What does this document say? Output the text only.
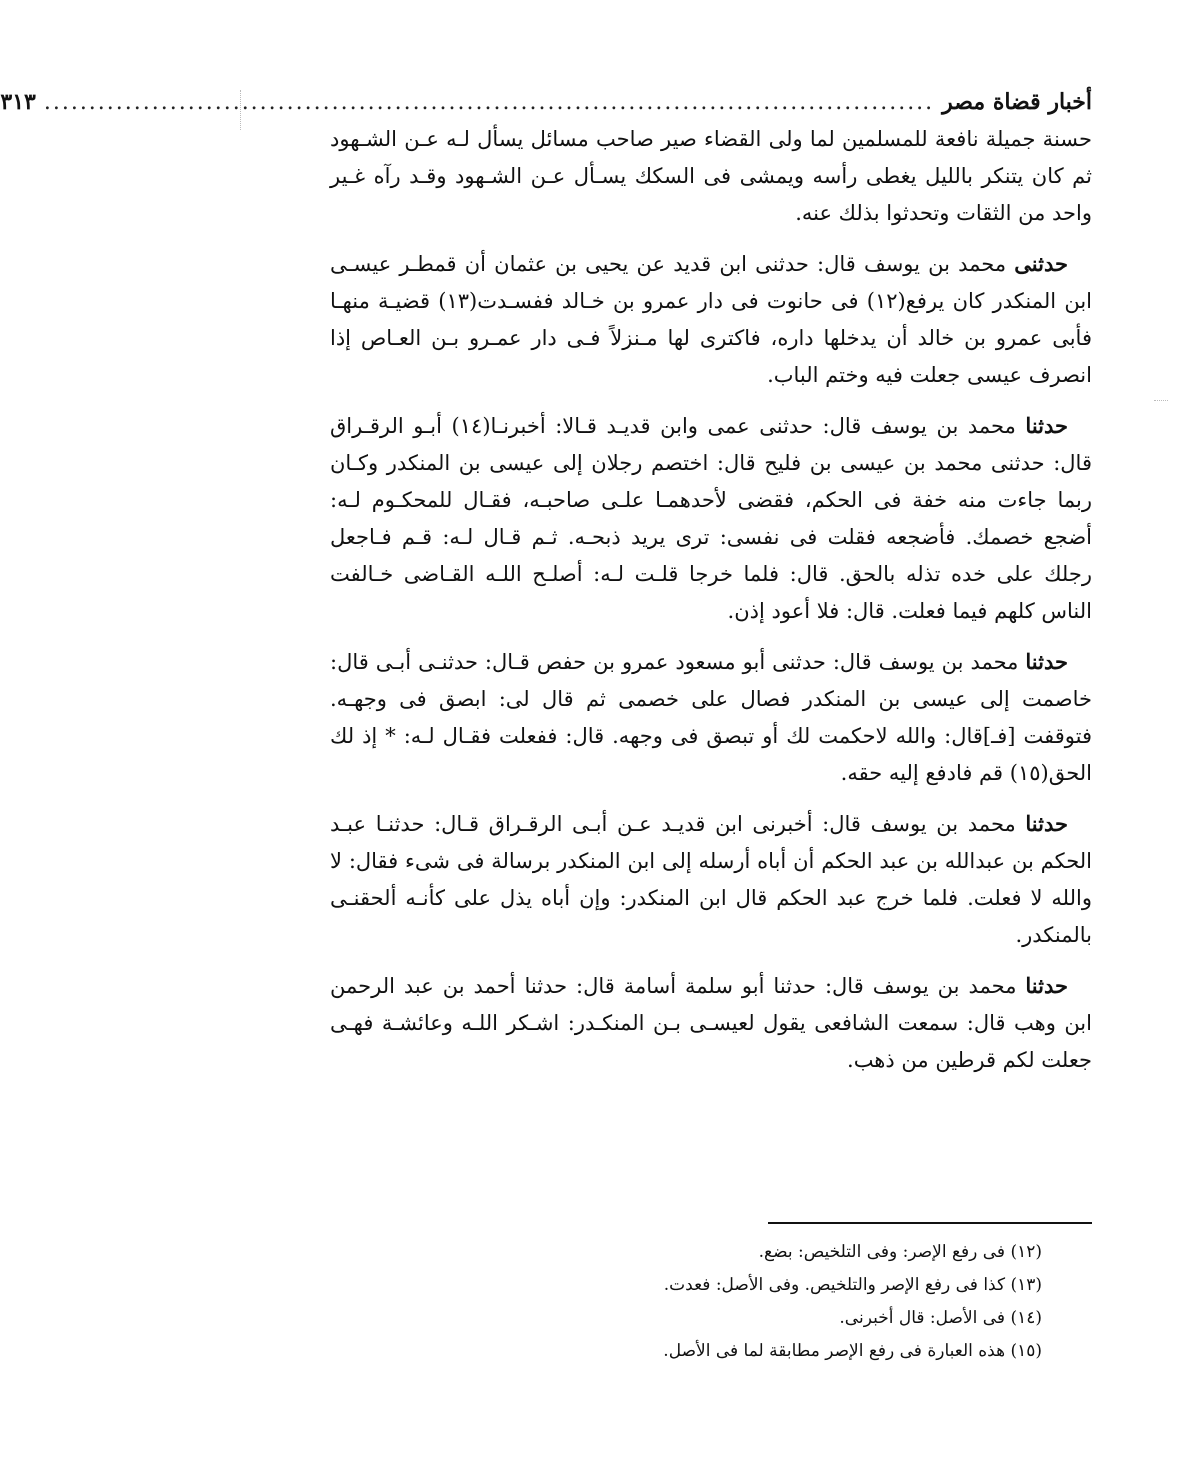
أخبار قضاة مصر
...................................................................................................
٣١٣

حسنة جميلة نافعة للمسلمين لما ولى القضاء صير صاحب مسائل يسأل لـه عـن الشـهود ثم كان يتنكر بالليل يغطى رأسه ويمشى فى السكك يسـأل عـن الشـهود وقـد رآه غـير واحد من الثقات وتحدثوا بذلك عنه.

حدثنى محمد بن يوسف قال: حدثنى ابن قديد عن يحيى بن عثمان أن قمطـر عيسـى ابن المنكدر كان يرفع(١٢) فى حانوت فى دار عمرو بن خـالد ففسـدت(١٣) قضيـة منهـا فأبى عمرو بن خالد أن يدخلها داره، فاكترى لها مـنزلاً فـى دار عمـرو بـن العـاص إذا انصرف عيسى جعلت فيه وختم الباب.

حدثنا محمد بن يوسف قال: حدثنى عمى وابن قديـد قـالا: أخبرنـا(١٤) أبـو الرقـراق قال: حدثنى محمد بن عيسى بن فليح قال: اختصم رجلان إلى عيسى بن المنكدر وكـان ربما جاءت منه خفة فى الحكم، فقضى لأحدهمـا علـى صاحبـه، فقـال للمحكـوم لـه: أضجع خصمك. فأضجعه فقلت فى نفسى: ترى يريد ذبحـه. ثـم قـال لـه: قـم فـاجعل رجلك على خده تذله بالحق. قال: فلما خرجا قلـت لـه: أصلـح اللـه القـاضى خـالفت الناس كلهم فيما فعلت. قال: فلا أعود إذن.

حدثنا محمد بن يوسف قال: حدثنى أبو مسعود عمرو بن حفص قـال: حدثنـى أبـى قال: خاصمت إلى عيسى بن المنكدر فصال على خصمى ثم قال لى: ابصق فى وجهـه. فتوقفت [فـ]قال: والله لاحكمت لك أو تبصق فى وجهه. قال: ففعلت فقـال لـه: * إذ لك الحق(١٥) قم فادفع إليه حقه.

حدثنا محمد بن يوسف قال: أخبرنى ابن قديـد عـن أبـى الرقـراق قـال: حدثنـا عبـد الحكم بن عبدالله بن عبد الحكم أن أباه أرسله إلى ابن المنكدر برسالة فى شىء فقال: لا والله لا فعلت. فلما خرج عبد الحكم قال ابن المنكدر: وإن أباه يذل على كأنـه ألحقنـى بالمنكدر.

حدثنا محمد بن يوسف قال: حدثنا أبو سلمة أسامة قال: حدثنا أحمد بن عبد الرحمن ابن وهب قال: سمعت الشافعى يقول لعيسـى بـن المنكـدر: اشـكر اللـه وعائشـة فهـى جعلت لكم قرطين من ذهب.

(١٢) فى رفع الإصر: وفى التلخيص: بضع.
(١٣) كذا فى رفع الإصر والتلخيص. وفى الأصل: فعدت.
(١٤) فى الأصل: قال أخبرنى.
(١٥) هذه العبارة فى رفع الإصر مطابقة لما فى الأصل.
